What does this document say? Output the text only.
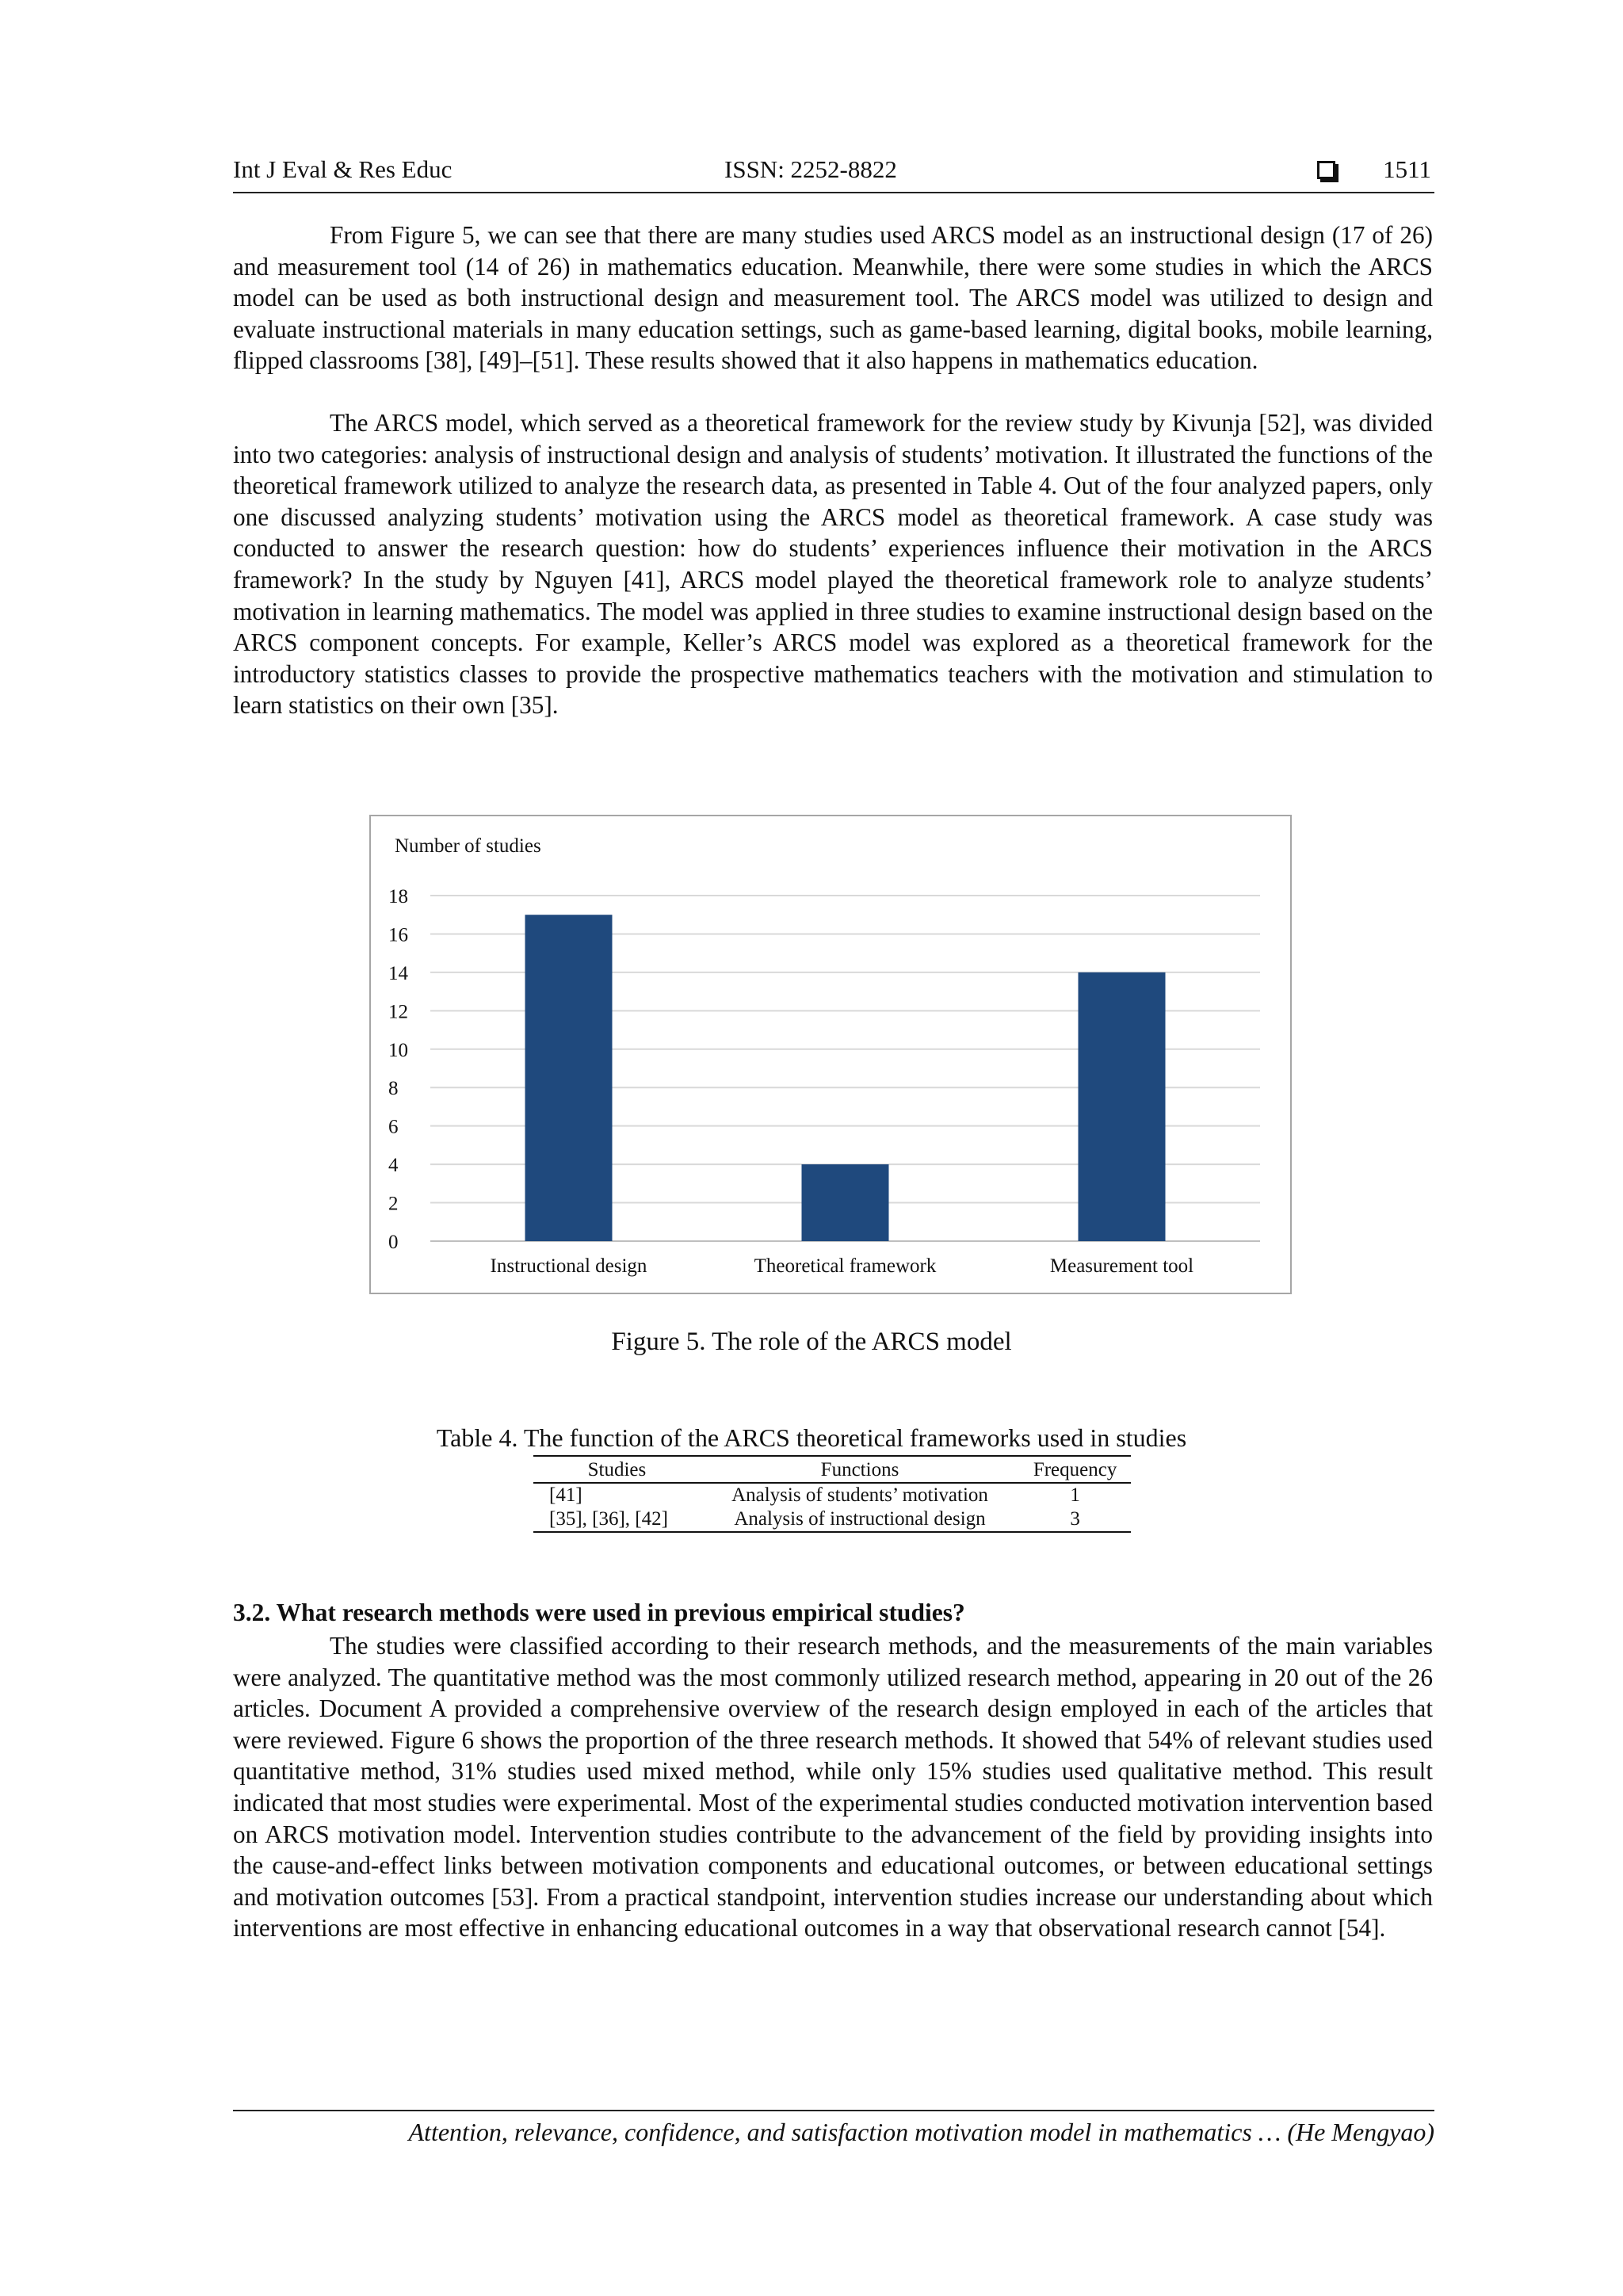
Int J Eval & Res Educ	ISSN: 2252-8822	1511

From Figure 5, we can see that there are many studies used ARCS model as an instructional design (17 of 26) and measurement tool (14 of 26) in mathematics education. Meanwhile, there were some studies in which the ARCS model can be used as both instructional design and measurement tool. The ARCS model was utilized to design and evaluate instructional materials in many education settings, such as game-based learning, digital books, mobile learning, flipped classrooms [38], [49]–[51]. These results showed that it also happens in mathematics education.

The ARCS model, which served as a theoretical framework for the review study by Kivunja [52], was divided into two categories: analysis of instructional design and analysis of students’ motivation. It illustrated the functions of the theoretical framework utilized to analyze the research data, as presented in Table 4. Out of the four analyzed papers, only one discussed analyzing students’ motivation using the ARCS model as theoretical framework. A case study was conducted to answer the research question: how do students’ experiences influence their motivation in the ARCS framework? In the study by Nguyen [41], ARCS model played the theoretical framework role to analyze students’ motivation in learning mathematics. The model was applied in three studies to examine instructional design based on the ARCS component concepts. For example, Keller’s ARCS model was explored as a theoretical framework for the introductory statistics classes to provide the prospective mathematics teachers with the motivation and stimulation to learn statistics on their own [35].

Number of studies
0
2
4
6
8
10
12
14
16
18
Instructional design	Theoretical framework	Measurement tool
Figure 5. The role of the ARCS model
Table 4. The function of the ARCS theoretical frameworks used in studies
Studies	Functions	Frequency
[41]	Analysis of students’ motivation	1
[35], [36], [42]	Analysis of instructional design	3
3.2. What research methods were used in previous empirical studies?

The studies were classified according to their research methods, and the measurements of the main variables were analyzed. The quantitative method was the most commonly utilized research method, appearing in 20 out of the 26 articles. Document A provided a comprehensive overview of the research design employed in each of the articles that were reviewed. Figure 6 shows the proportion of the three research methods. It showed that 54% of relevant studies used quantitative method, 31% studies used mixed method, while only 15% studies used qualitative method. This result indicated that most studies were experimental. Most of the experimental studies conducted motivation intervention based on ARCS motivation model. Intervention studies contribute to the advancement of the field by providing insights into the cause-and-effect links between motivation components and educational outcomes, or between educational settings and motivation outcomes [53]. From a practical standpoint, intervention studies increase our understanding about which interventions are most effective in enhancing educational outcomes in a way that observational research cannot [54].

Attention, relevance, confidence, and satisfaction motivation model in mathematics … (He Mengyao)
